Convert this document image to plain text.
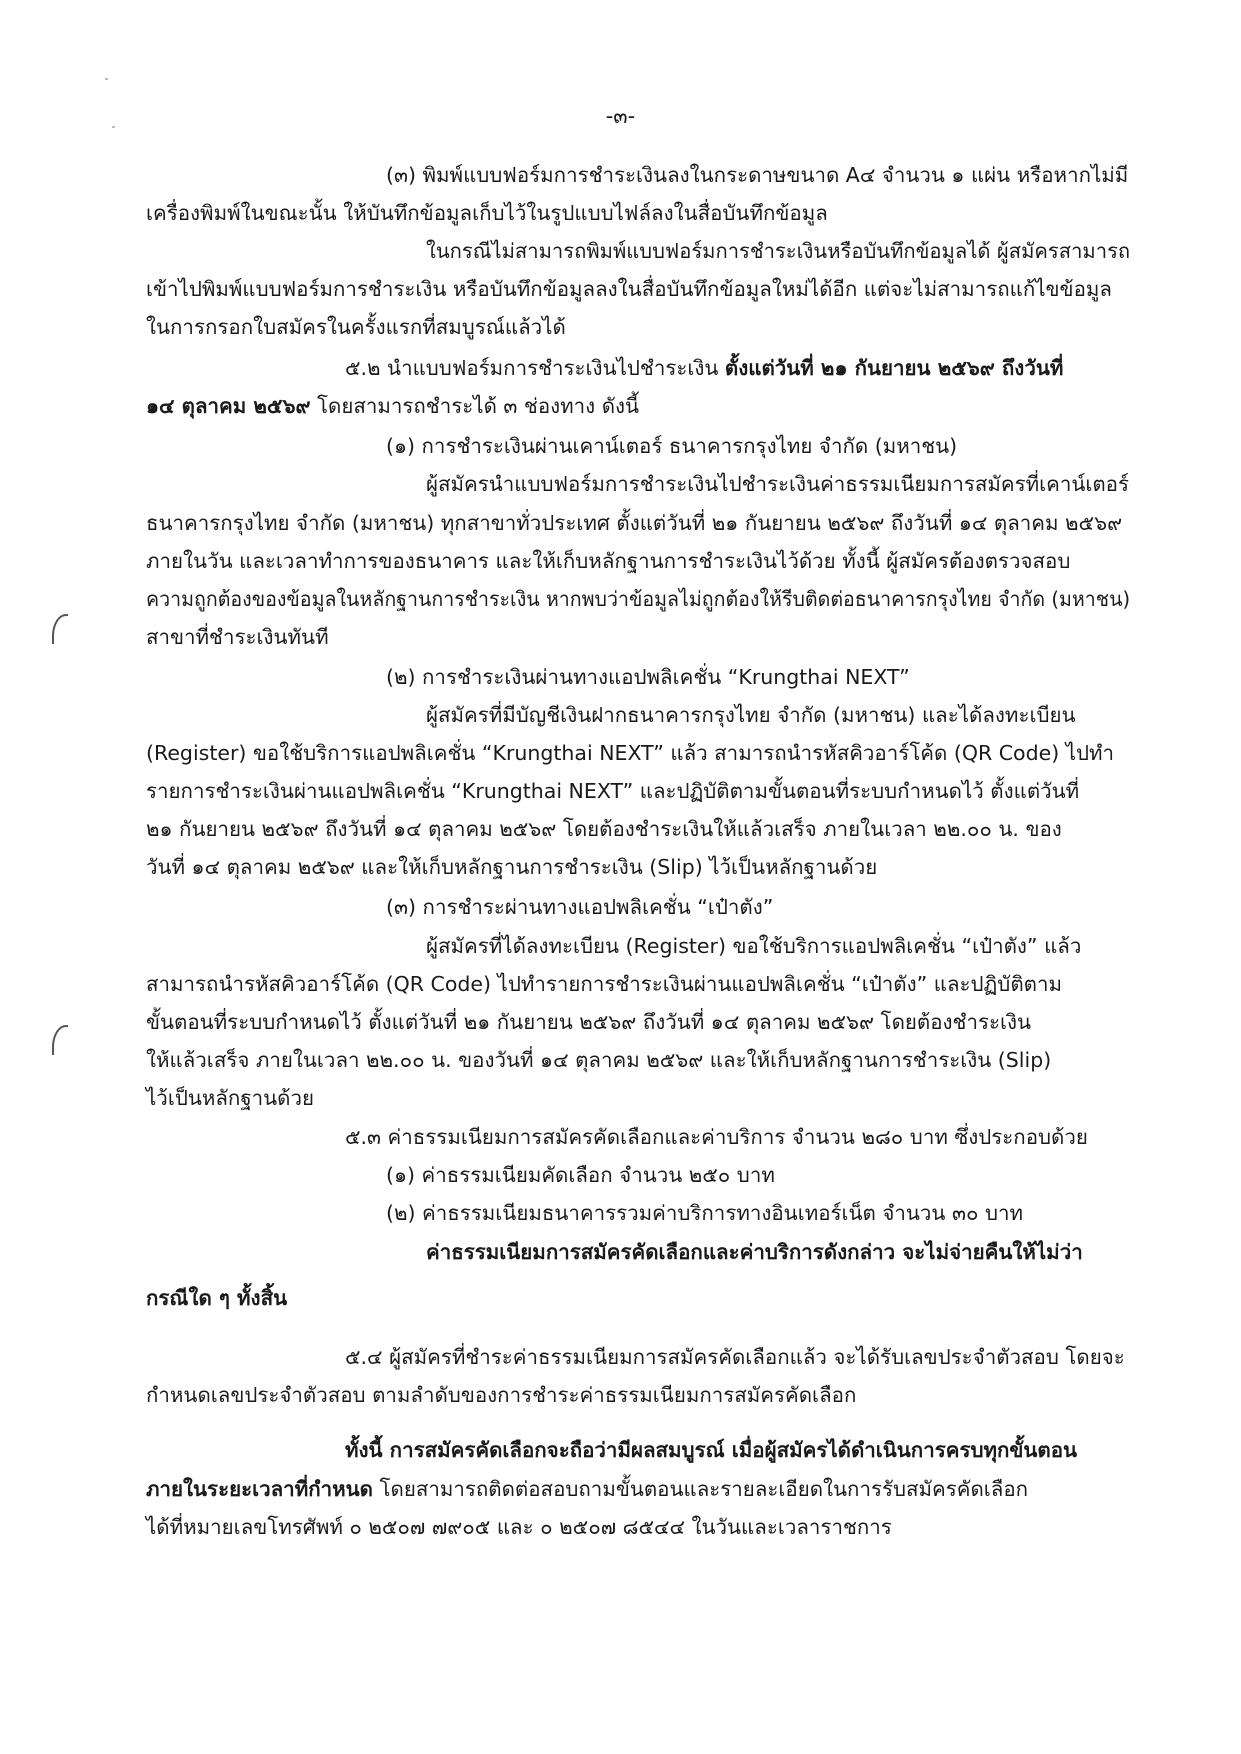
-๓-
(๓) พิมพ์แบบฟอร์มการชำระเงินลงในกระดาษขนาด A๔ จำนวน ๑ แผ่น หรือหากไม่มี
เครื่องพิมพ์ในขณะนั้น ให้บันทึกข้อมูลเก็บไว้ในรูปแบบไฟล์ลงในสื่อบันทึกข้อมูล
ในกรณีไม่สามารถพิมพ์แบบฟอร์มการชำระเงินหรือบันทึกข้อมูลได้ ผู้สมัครสามารถ
เข้าไปพิมพ์แบบฟอร์มการชำระเงิน หรือบันทึกข้อมูลลงในสื่อบันทึกข้อมูลใหม่ได้อีก แต่จะไม่สามารถแก้ไขข้อมูล
ในการกรอกใบสมัครในครั้งแรกที่สมบูรณ์แล้วได้
๕.๒ นำแบบฟอร์มการชำระเงินไปชำระเงิน ตั้งแต่วันที่ ๒๑ กันยายน ๒๕๖๙ ถึงวันที่
๑๔ ตุลาคม ๒๕๖๙ โดยสามารถชำระได้ ๓ ช่องทาง ดังนี้
(๑) การชำระเงินผ่านเคาน์เตอร์ ธนาคารกรุงไทย จำกัด (มหาชน)
ผู้สมัครนำแบบฟอร์มการชำระเงินไปชำระเงินค่าธรรมเนียมการสมัครที่เคาน์เตอร์
ธนาคารกรุงไทย จำกัด (มหาชน) ทุกสาขาทั่วประเทศ ตั้งแต่วันที่ ๒๑ กันยายน ๒๕๖๙ ถึงวันที่ ๑๔ ตุลาคม ๒๕๖๙
ภายในวัน และเวลาทำการของธนาคาร และให้เก็บหลักฐานการชำระเงินไว้ด้วย ทั้งนี้ ผู้สมัครต้องตรวจสอบ
ความถูกต้องของข้อมูลในหลักฐานการชำระเงิน หากพบว่าข้อมูลไม่ถูกต้องให้รีบติดต่อธนาคารกรุงไทย จำกัด (มหาชน)
สาขาที่ชำระเงินทันที
(๒) การชำระเงินผ่านทางแอปพลิเคชั่น “Krungthai NEXT”
ผู้สมัครที่มีบัญชีเงินฝากธนาคารกรุงไทย จำกัด (มหาชน) และได้ลงทะเบียน
(Register) ขอใช้บริการแอปพลิเคชั่น “Krungthai NEXT” แล้ว สามารถนำรหัสคิวอาร์โค้ด (QR Code) ไปทำ
รายการชำระเงินผ่านแอปพลิเคชั่น “Krungthai NEXT” และปฏิบัติตามขั้นตอนที่ระบบกำหนดไว้ ตั้งแต่วันที่
๒๑ กันยายน ๒๕๖๙ ถึงวันที่ ๑๔ ตุลาคม ๒๕๖๙ โดยต้องชำระเงินให้แล้วเสร็จ ภายในเวลา ๒๒.๐๐ น. ของ
วันที่ ๑๔ ตุลาคม ๒๕๖๙ และให้เก็บหลักฐานการชำระเงิน (Slip) ไว้เป็นหลักฐานด้วย
(๓) การชำระผ่านทางแอปพลิเคชั่น “เป๋าตัง”
ผู้สมัครที่ได้ลงทะเบียน (Register) ขอใช้บริการแอปพลิเคชั่น “เป๋าตัง” แล้ว
สามารถนำรหัสคิวอาร์โค้ด (QR Code) ไปทำรายการชำระเงินผ่านแอปพลิเคชั่น “เป๋าตัง” และปฏิบัติตาม
ขั้นตอนที่ระบบกำหนดไว้ ตั้งแต่วันที่ ๒๑ กันยายน ๒๕๖๙ ถึงวันที่ ๑๔ ตุลาคม ๒๕๖๙ โดยต้องชำระเงิน
ให้แล้วเสร็จ ภายในเวลา ๒๒.๐๐ น. ของวันที่ ๑๔ ตุลาคม ๒๕๖๙ และให้เก็บหลักฐานการชำระเงิน (Slip)
ไว้เป็นหลักฐานด้วย
๕.๓ ค่าธรรมเนียมการสมัครคัดเลือกและค่าบริการ จำนวน ๒๘๐ บาท ซึ่งประกอบด้วย
(๑) ค่าธรรมเนียมคัดเลือก จำนวน ๒๕๐ บาท
(๒) ค่าธรรมเนียมธนาคารรวมค่าบริการทางอินเทอร์เน็ต จำนวน ๓๐ บาท
ค่าธรรมเนียมการสมัครคัดเลือกและค่าบริการดังกล่าว จะไม่จ่ายคืนให้ไม่ว่า
กรณีใด ๆ ทั้งสิ้น
๕.๔ ผู้สมัครที่ชำระค่าธรรมเนียมการสมัครคัดเลือกแล้ว จะได้รับเลขประจำตัวสอบ โดยจะ
กำหนดเลขประจำตัวสอบ ตามลำดับของการชำระค่าธรรมเนียมการสมัครคัดเลือก
ทั้งนี้ การสมัครคัดเลือกจะถือว่ามีผลสมบูรณ์ เมื่อผู้สมัครได้ดำเนินการครบทุกขั้นตอน
ภายในระยะเวลาที่กำหนด โดยสามารถติดต่อสอบถามขั้นตอนและรายละเอียดในการรับสมัครคัดเลือก
ได้ที่หมายเลขโทรศัพท์ ๐ ๒๕๐๗ ๗๙๐๕ และ ๐ ๒๕๐๗ ๘๕๔๔ ในวันและเวลาราชการ
